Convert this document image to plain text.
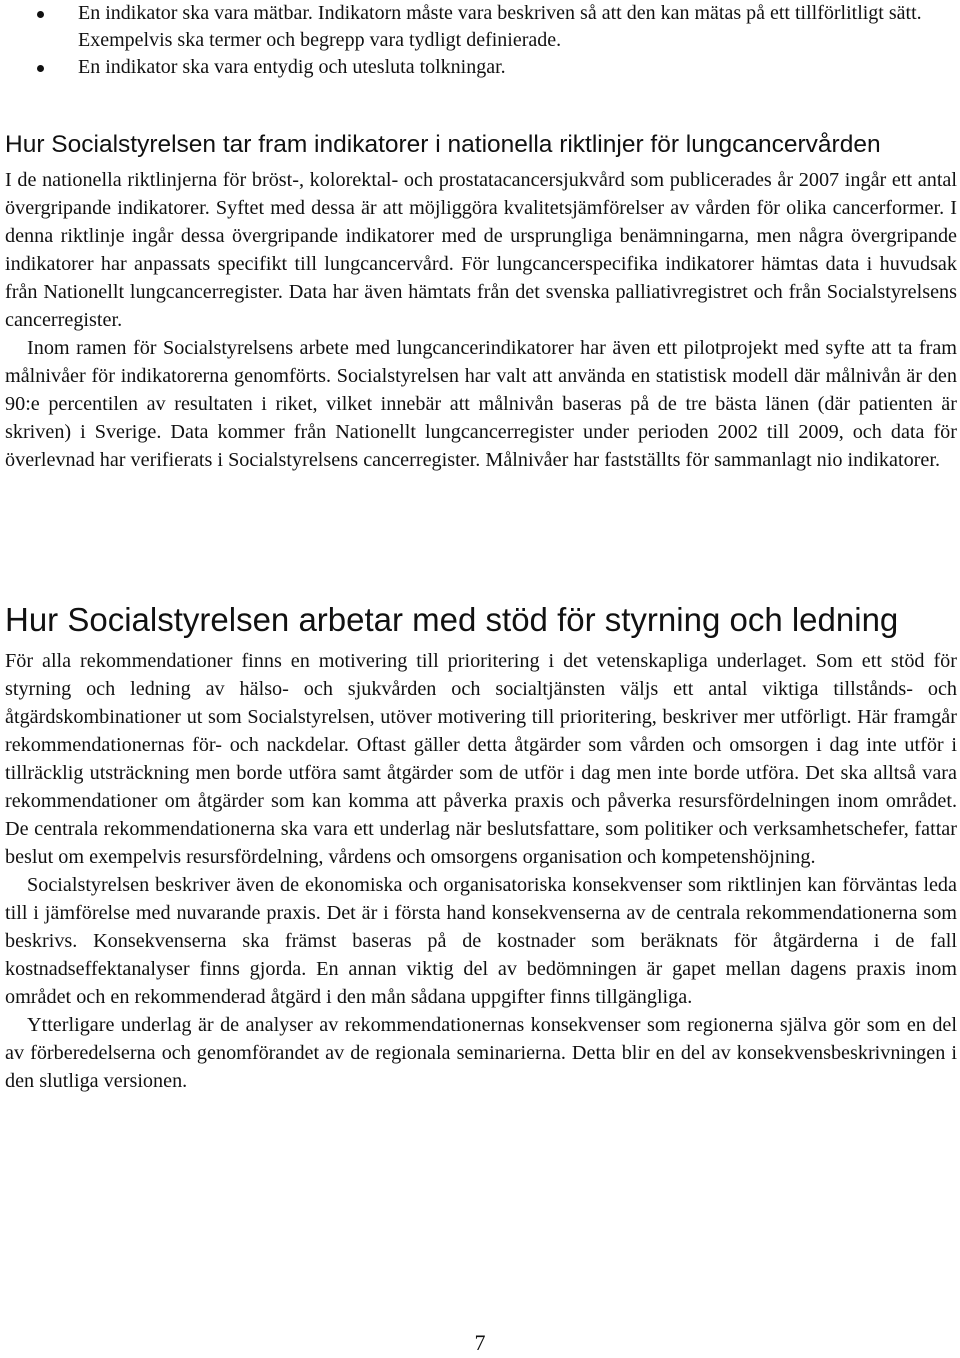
En indikator ska vara mätbar. Indikatorn måste vara beskriven så att den kan mätas på ett tillförlitligt sätt. Exempelvis ska termer och begrepp vara tydligt definierade.
En indikator ska vara entydig och utesluta tolkningar.
Hur Socialstyrelsen tar fram indikatorer i nationella riktlinjer för lungcancervården

I de nationella riktlinjerna för bröst-, kolorektal- och prostatacancersjukvård som publicerades år 2007 ingår ett antal övergripande indikatorer. Syftet med dessa är att möjliggöra kvalitetsjämförelser av vården för olika cancerformer. I denna riktlinje ingår dessa övergripande indikatorer med de ursprungliga benämningarna, men några övergripande indikatorer har anpassats specifikt till lungcancervård. För lungcancerspecifika indikatorer hämtas data i huvudsak från Nationellt lungcancerregister. Data har även hämtats från det svenska palliativregistret och från Socialstyrelsens cancerregister.

Inom ramen för Socialstyrelsens arbete med lungcancerindikatorer har även ett pilotprojekt med syfte att ta fram målnivåer för indikatorerna genomförts. Socialstyrelsen har valt att använda en statistisk modell där målnivån är den 90:e percentilen av resultaten i riket, vilket innebär att målnivån baseras på de tre bästa länen (där patienten är skriven) i Sverige. Data kommer från Nationellt lungcancerregister under perioden 2002 till 2009, och data för överlevnad har verifierats i Socialstyrelsens cancerregister. Målnivåer har fastställts för sammanlagt nio indikatorer.

Hur Socialstyrelsen arbetar med stöd för styrning och ledning

För alla rekommendationer finns en motivering till prioritering i det vetenskapliga underlaget. Som ett stöd för styrning och ledning av hälso- och sjukvården och socialtjänsten väljs ett antal viktiga tillstånds- och åtgärdskombinationer ut som Socialstyrelsen, utöver motivering till prioritering, beskriver mer utförligt. Här framgår rekommendationernas för- och nackdelar. Oftast gäller detta åtgärder som vården och omsorgen i dag inte utför i tillräcklig utsträckning men borde utföra samt åtgärder som de utför i dag men inte borde utföra. Det ska alltså vara rekommendationer om åtgärder som kan komma att påverka praxis och påverka resursfördelningen inom området. De centrala rekommendationerna ska vara ett underlag när beslutsfattare, som politiker och verksamhetschefer, fattar beslut om exempelvis resursfördelning, vårdens och omsorgens organisation och kompetenshöjning.

Socialstyrelsen beskriver även de ekonomiska och organisatoriska konsekvenser som riktlinjen kan förväntas leda till i jämförelse med nuvarande praxis. Det är i första hand konsekvenserna av de centrala rekommendationerna som beskrivs. Konsekvenserna ska främst baseras på de kostnader som beräknats för åtgärderna i de fall kostnadseffektanalyser finns gjorda. En annan viktig del av bedömningen är gapet mellan dagens praxis inom området och en rekommenderad åtgärd i den mån sådana uppgifter finns tillgängliga.

Ytterligare underlag är de analyser av rekommendationernas konsekvenser som regionerna själva gör som en del av förberedelserna och genomförandet av de regionala seminarierna. Detta blir en del av konsekvensbeskrivningen i den slutliga versionen.

7
